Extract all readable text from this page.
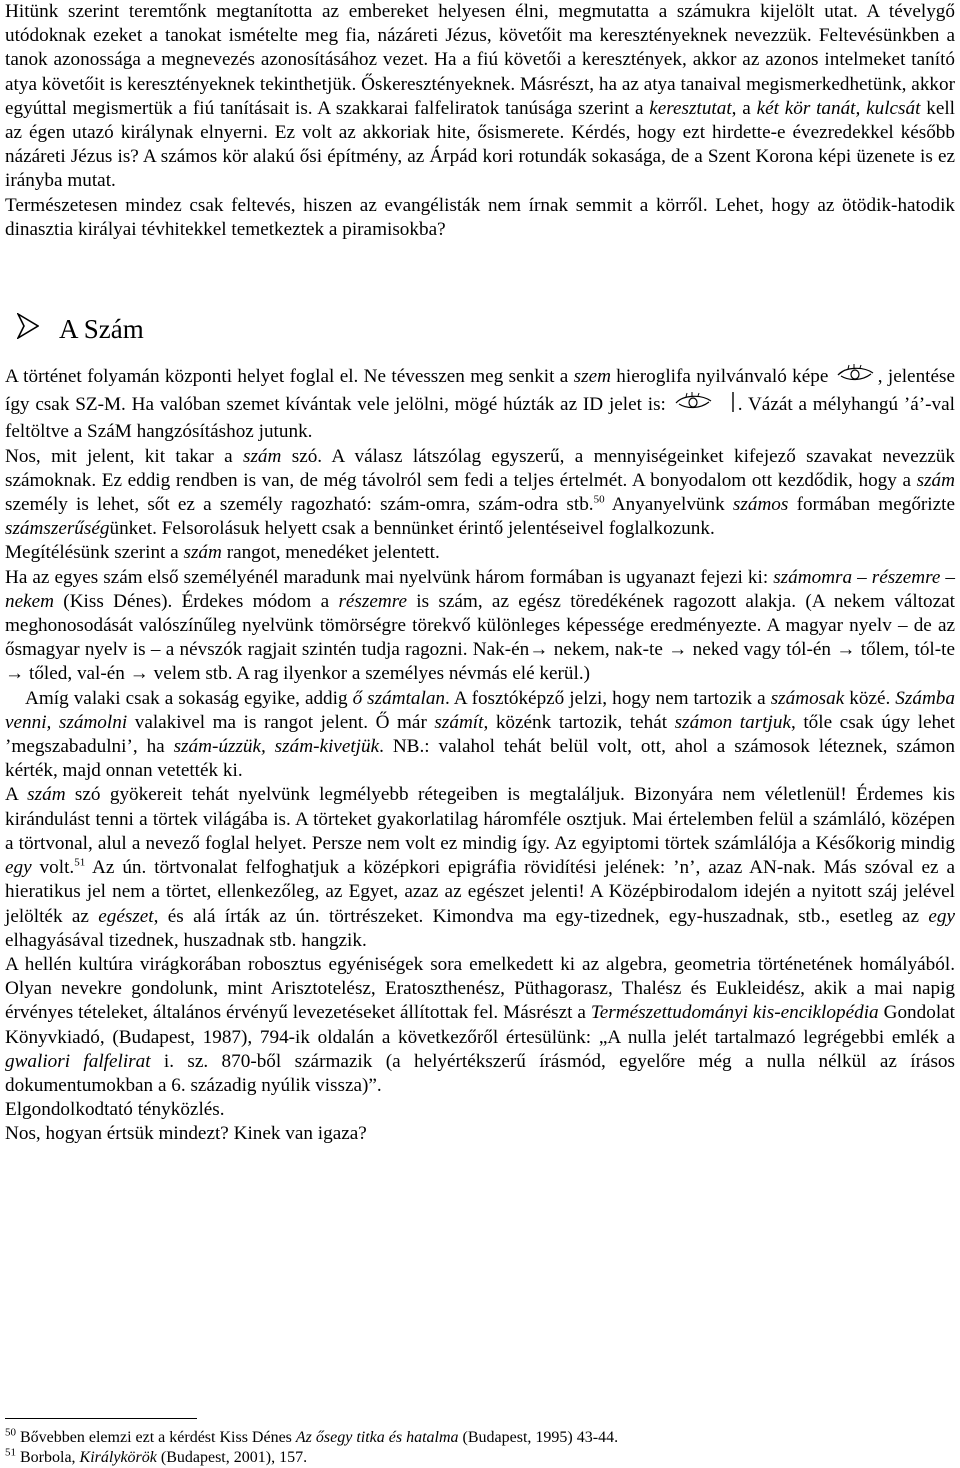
Hitünk szerint teremtőnk megtanította az embereket helyesen élni, megmutatta a számukra kijelölt utat. A tévelygő utódoknak ezeket a tanokat ismételte meg fia, názáreti Jézus, követőit ma keresztényeknek nevezzük. Feltevésünkben a tanok azonossága a megnevezés azonosításához vezet. Ha a fiú követői a keresztények, akkor az azonos intelmeket tanító atya követőit is keresztényeknek tekinthetjük. Őskeresztényeknek. Másrészt, ha az atya tanaival megismerkedhetünk, akkor egyúttal megismertük a fiú tanításait is. A szakkarai falfeliratok tanúsága szerint a keresztutat, a két kör tanát, kulcsát kell az égen utazó királynak elnyerni. Ez volt az akkoriak hite, ősismerete. Kérdés, hogy ezt hirdette-e évezredekkel később názáreti Jézus is? A számos kör alakú ősi építmény, az Árpád kori rotundák sokasága, de a Szent Korona képi üzenete is ez irányba mutat.

Természetesen mindez csak feltevés, hiszen az evangélisták nem írnak semmit a körről. Lehet, hogy az ötödik-hatodik dinasztia királyai tévhitekkel temetkeztek a piramisokba?

A Szám

A történet folyamán központi helyet foglal el. Ne tévesszen meg senkit a szem hieroglifa nyilvánvaló képe , jelentése így csak SZ-M. Ha valóban szemet kívántak vele jelölni, mögé húzták az ID jelet is:	. Vázát a mélyhangú ’á’-val feltöltve a SzáM hangzósításhoz jutunk.

Nos, mit jelent, kit takar a szám szó. A válasz látszólag egyszerű, a mennyiségeinket kifejező szavakat nevezzük számoknak. Ez eddig rendben is van, de még távolról sem fedi a teljes értelmét. A bonyodalom ott kezdődik, hogy a szám személy is lehet, sőt ez a személy ragozható: szám-omra, szám-odra stb.$^{50}$ Anyanyelvünk számos formában megőrizte számszerűségünket. Felsorolásuk helyett csak a bennünket érintő jelentéseivel foglalkozunk.

Megítélésünk szerint a szám rangot, menedéket jelentett.

Ha az egyes szám első személyénél maradunk mai nyelvünk három formában is ugyanazt fejezi ki: számomra – részemre – nekem (Kiss Dénes). Érdekes módom a részemre is szám, az egész töredékének ragozott alakja. (A nekem változat meghonosodását valószínűleg nyelvünk tömörségre törekvő különleges képessége eredményezte. A magyar nyelv – de az ősmagyar nyelv is – a névszók ragjait szintén tudja ragozni. Nak-én→ nekem, nak-te → neked vagy tól-én → tőlem, tól-te → tőled, val-én → velem stb. A rag ilyenkor a személyes névmás elé kerül.)

Amíg valaki csak a sokaság egyike, addig ő számtalan. A fosztóképző jelzi, hogy nem tartozik a számosak közé. Számba venni, számolni valakivel ma is rangot jelent. Ő már számít, közénk tartozik, tehát számon tartjuk, tőle csak úgy lehet ’megszabadulni’, ha szám-úzzük, szám-kivetjük. NB.: valahol tehát belül volt, ott, ahol a számosok léteznek, számon kérték, majd onnan vetették ki.

A szám szó gyökereit tehát nyelvünk legmélyebb rétegeiben is megtaláljuk. Bizonyára nem véletlenül! Érdemes kis kirándulást tenni a törtek világába is. A törteket gyakorlatilag háromféle osztjuk. Mai értelemben felül a számláló, középen a törtvonal, alul a nevező foglal helyet. Persze nem volt ez mindig így. Az egyiptomi törtek számlálója a Későkorig mindig egy volt.$^{51}$ Az ún. törtvonalat felfoghatjuk a középkori epigráfia rövidítési jelének: ’n’, azaz AN-nak. Más szóval ez a hieratikus jel nem a törtet, ellenkezőleg, az Egyet, azaz az egészet jelenti! A Középbirodalom idején a nyitott száj jelével jelölték az egészet, és alá írták az ún. törtrészeket. Kimondva ma egy-tizednek, egy-huszadnak, stb., esetleg az egy elhagyásával tizednek, huszadnak stb. hangzik.

A hellén kultúra virágkorában robosztus egyéniségek sora emelkedett ki az algebra, geometria történetének homályából. Olyan nevekre gondolunk, mint Arisztotelész, Eratoszthenész, Püthagorasz, Thalész és Eukleidész, akik a mai napig érvényes tételeket, általános érvényű levezetéseket állítottak fel. Másrészt a Természettudományi kis-enciklopédia Gondolat Könyvkiadó, (Budapest, 1987), 794-ik oldalán a következőről értesülünk: „A nulla jelét tartalmazó legrégebbi emlék a gwaliori falfelirat i. sz. 870-ből származik (a helyértékszerű írásmód, egyelőre még a nulla nélkül az írásos dokumentumokban a 6. századig nyúlik vissza)”.

Elgondolkodtató tényközlés.

Nos, hogyan értsük mindezt? Kinek van igaza?

$^{50}$ Bővebben elemzi ezt a kérdést Kiss Dénes Az ősegy titka és hatalma (Budapest, 1995) 43-44.

$^{51}$ Borbola, Királykörök (Budapest, 2001), 157.
